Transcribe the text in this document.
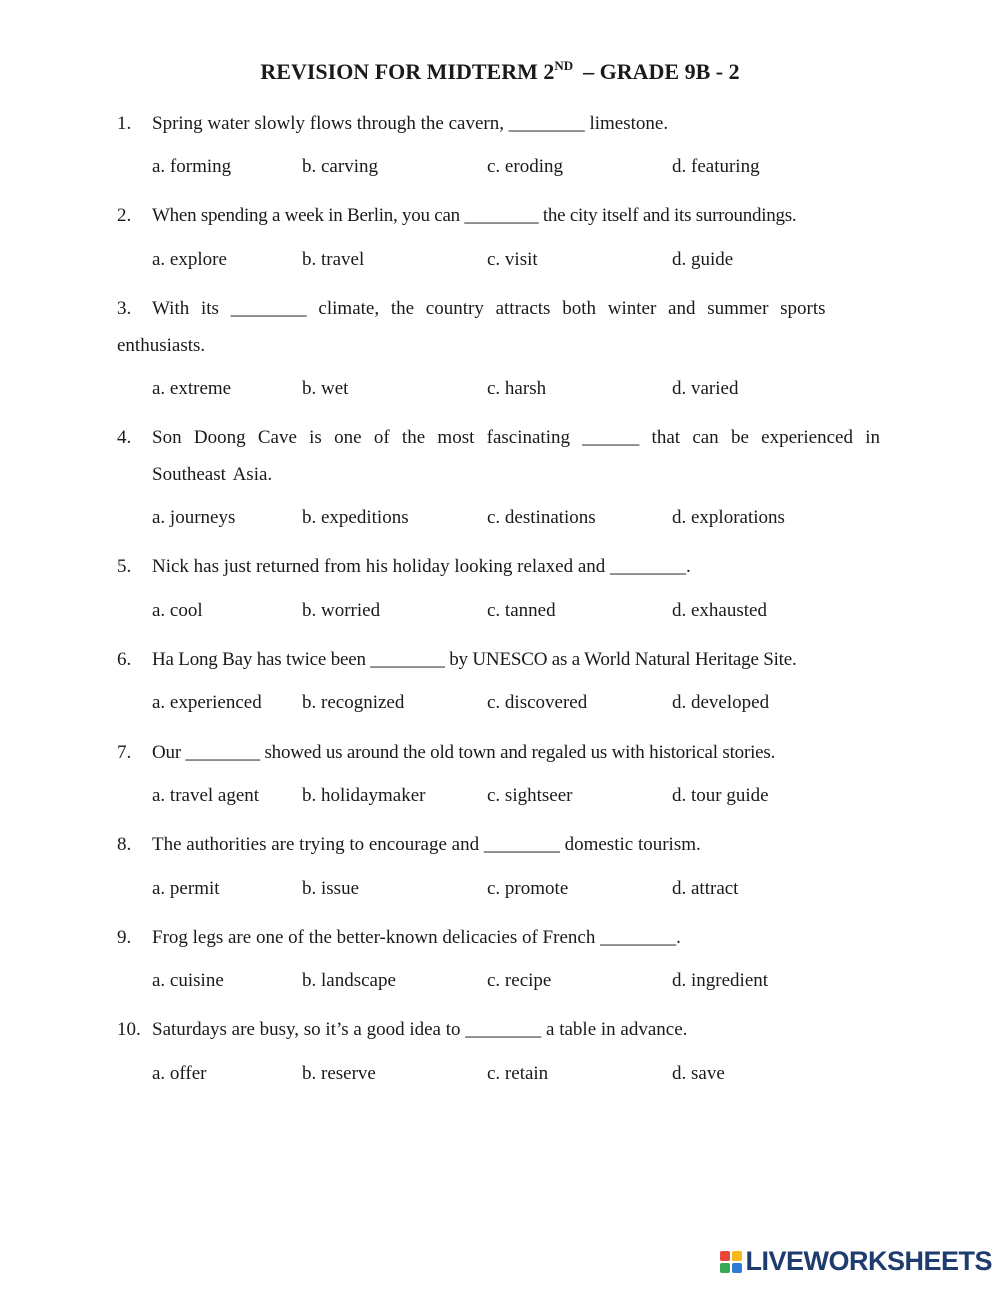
REVISION FOR MIDTERM 2ND – GRADE 9B - 2
1. Spring water slowly flows through the cavern, ________ limestone.
a. forming	b. carving	c. eroding	d. featuring
2. When spending a week in Berlin, you can ________ the city itself and its surroundings.
a. explore	b. travel	c. visit	d. guide
3. With its ________ climate, the country attracts both winter and summer sports
enthusiasts.
a. extreme	b. wet	c. harsh	d. varied
4. Son Doong Cave is one of the most fascinating ______ that can be experienced in Southeast Asia.
a. journeys	b. expeditions	c. destinations	d. explorations
5. Nick has just returned from his holiday looking relaxed and ________.
a. cool	b. worried	c. tanned	d. exhausted
6. Ha Long Bay has twice been ________ by UNESCO as a World Natural Heritage Site.
a. experienced b. recognized	c. discovered	d. developed
7. Our ________ showed us around the old town and regaled us with historical stories.
a. travel agent b. holidaymaker	c. sightseer	d. tour guide
8. The authorities are trying to encourage and ________ domestic tourism.
a. permit	b. issue	c. promote	d. attract
9. Frog legs are one of the better-known delicacies of French ________.
a. cuisine	b. landscape	c. recipe	d. ingredient
10. Saturdays are busy, so it’s a good idea to ________ a table in advance.
a. offer	b. reserve	c. retain	d. save
LIVEWORKSHEETS
